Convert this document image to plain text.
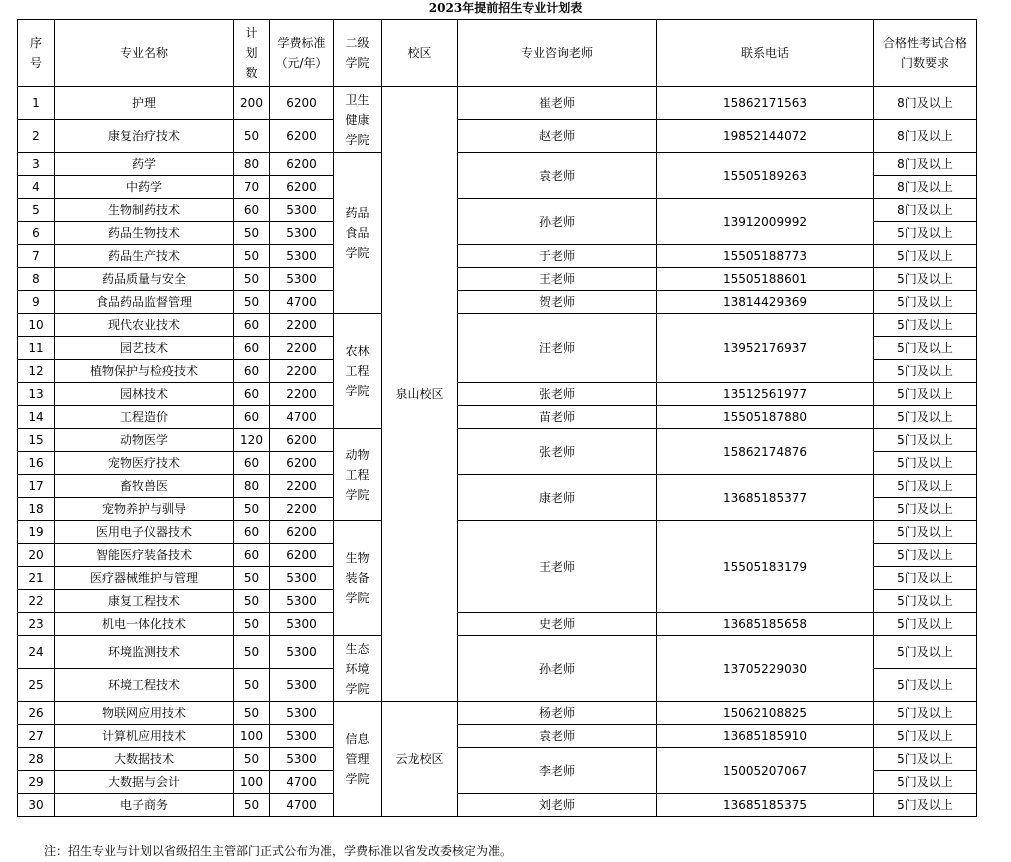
2023年提前招生专业计划表
序号	专业名称	计划数	学费标准（元/年）	二级学院	校区	专业咨询老师	联系电话	合格性考试合格门数要求
1	护理	200	6200	卫生健康学院	泉山校区	崔老师	15862171563	8门及以上
2	康复治疗技术	50	6200			赵老师	19852144072	8门及以上
3	药学	80	6200	药品食品学院		袁老师	15505189263	8门及以上
4	中药学	70	6200					8门及以上
5	生物制药技术	60	5300			孙老师	13912009992	8门及以上
6	药品生物技术	50	5300					5门及以上
7	药品生产技术	50	5300			于老师	15505188773	5门及以上
8	药品质量与安全	50	5300			王老师	15505188601	5门及以上
9	食品药品监督管理	50	4700			贺老师	13814429369	5门及以上
10	现代农业技术	60	2200	农林工程学院		汪老师	13952176937	5门及以上
11	园艺技术	60	2200					5门及以上
12	植物保护与检疫技术	60	2200					5门及以上
13	园林技术	60	2200			张老师	13512561977	5门及以上
14	工程造价	60	4700			苗老师	15505187880	5门及以上
15	动物医学	120	6200	动物工程学院		张老师	15862174876	5门及以上
16	宠物医疗技术	60	6200					5门及以上
17	畜牧兽医	80	2200			康老师	13685185377	5门及以上
18	宠物养护与驯导	50	2200					5门及以上
19	医用电子仪器技术	60	6200	生物装备学院		王老师	15505183179	5门及以上
20	智能医疗装备技术	60	6200					5门及以上
21	医疗器械维护与管理	50	5300					5门及以上
22	康复工程技术	50	5300					5门及以上
23	机电一体化技术	50	5300			史老师	13685185658	5门及以上
24	环境监测技术	50	5300	生态环境学院		孙老师	13705229030	5门及以上
25	环境工程技术	50	5300					5门及以上
26	物联网应用技术	50	5300	信息管理学院	云龙校区	杨老师	15062108825	5门及以上
27	计算机应用技术	100	5300			袁老师	13685185910	5门及以上
28	大数据技术	50	5300			李老师	15005207067	5门及以上
29	大数据与会计	100	4700					5门及以上
30	电子商务	50	4700			刘老师	13685185375	5门及以上
注：招生专业与计划以省级招生主管部门正式公布为准，学费标准以省发改委核定为准。
